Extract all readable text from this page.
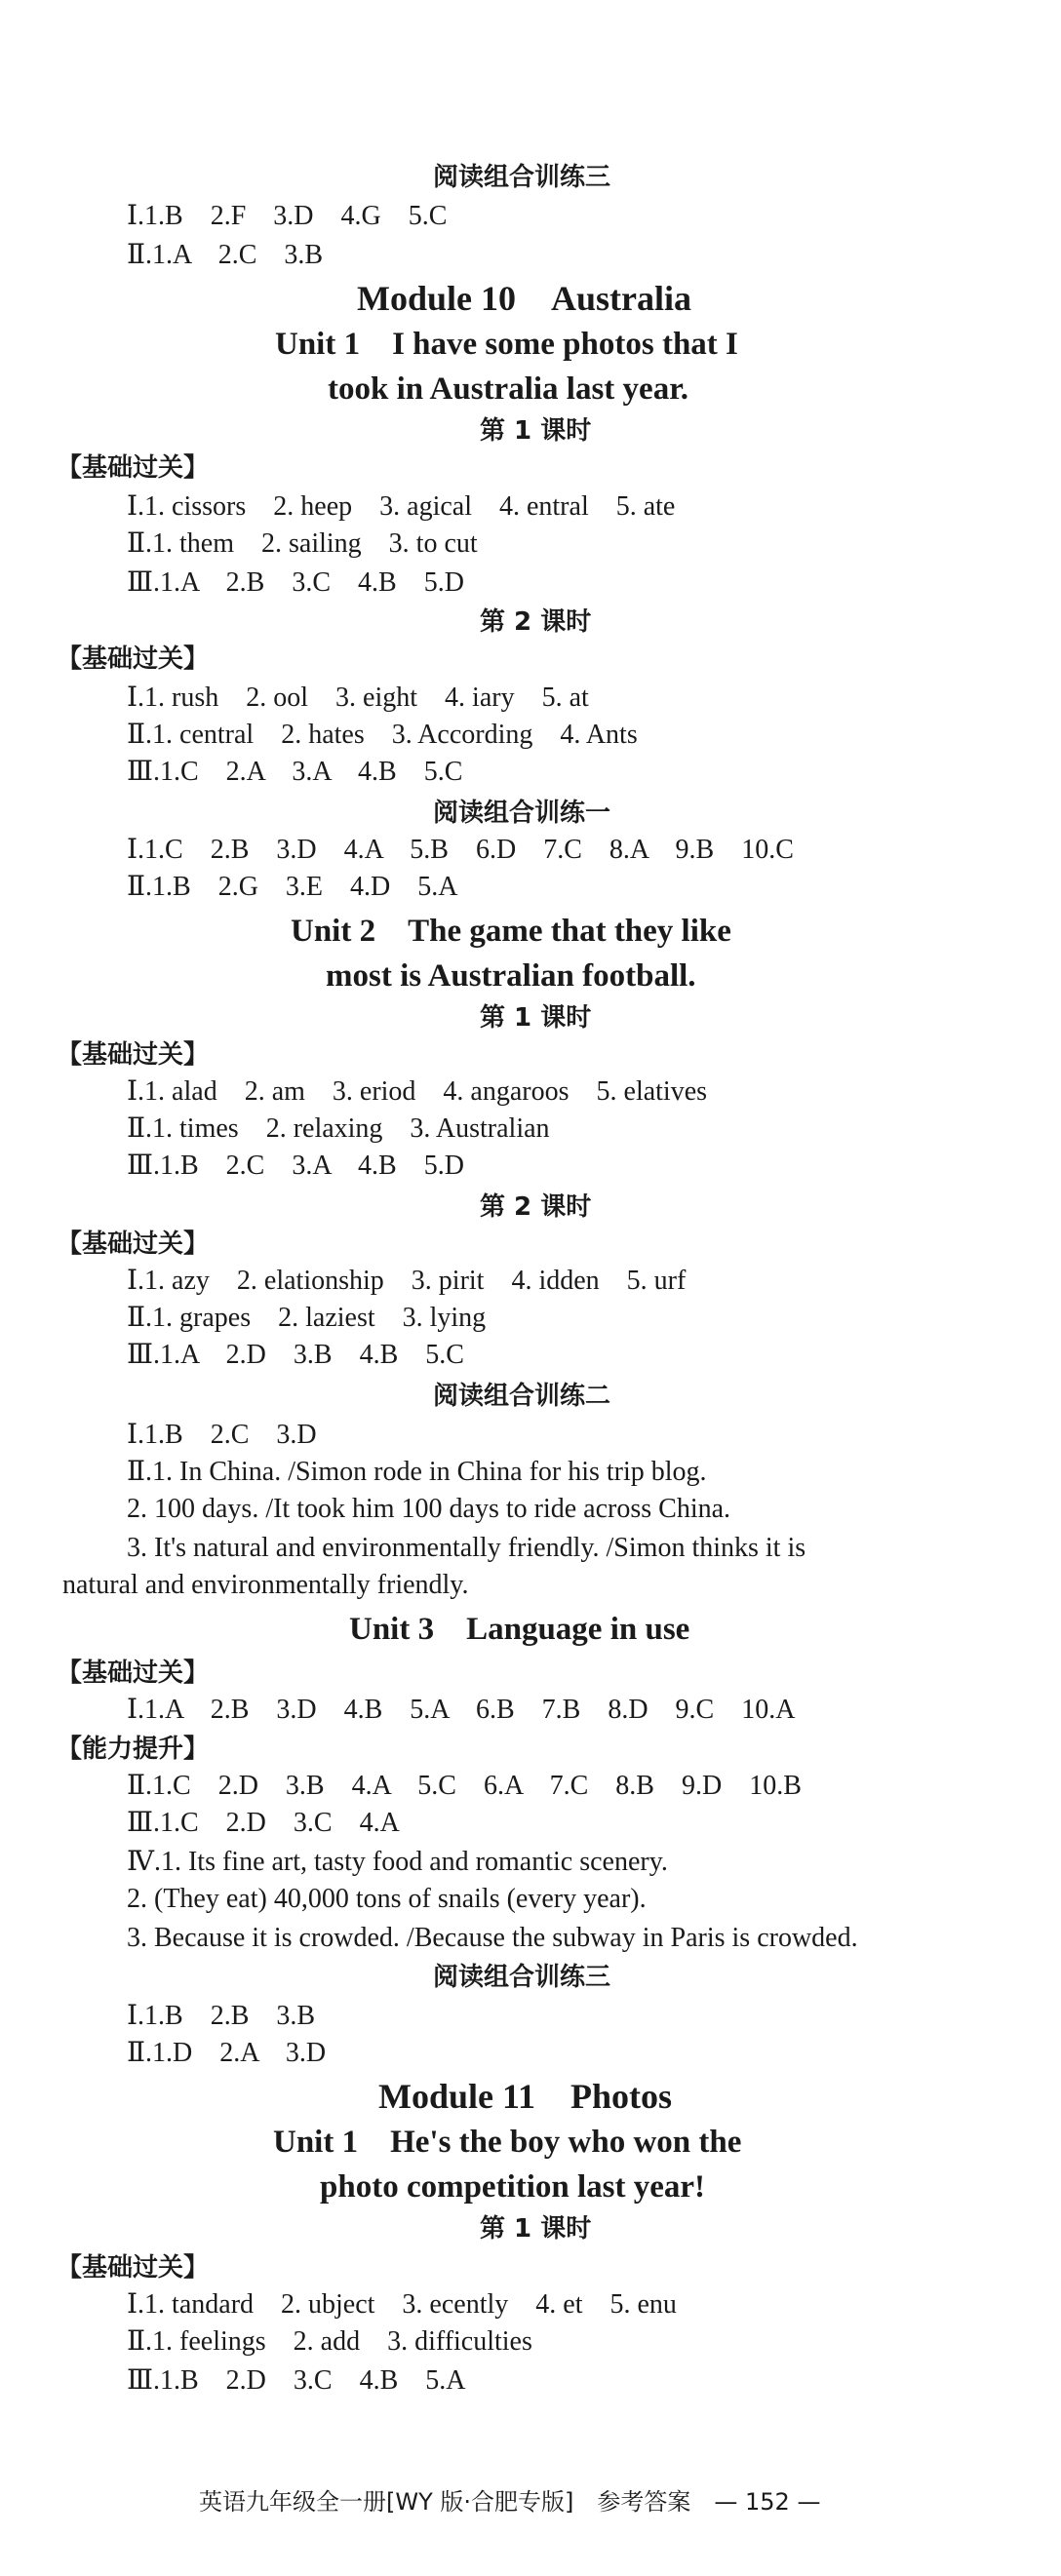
阅读组合训练三
Ⅰ.1.B　2.F　3.D　4.G　5.C
Ⅱ.1.A　2.C　3.B
Module 10　Australia
Unit 1　I have some photos that I
took in Australia last year.
第 1 课时
【基础过关】
Ⅰ.1. cissors　2. heep　3. agical　4. entral　5. ate
Ⅱ.1. them　2. sailing　3. to cut
Ⅲ.1.A　2.B　3.C　4.B　5.D
第 2 课时
【基础过关】
Ⅰ.1. rush　2. ool　3. eight　4. iary　5. at
Ⅱ.1. central　2. hates　3. According　4. Ants
Ⅲ.1.C　2.A　3.A　4.B　5.C
阅读组合训练一
Ⅰ.1.C　2.B　3.D　4.A　5.B　6.D　7.C　8.A　9.B　10.C
Ⅱ.1.B　2.G　3.E　4.D　5.A
Unit 2　The game that they like
most is Australian football.
第 1 课时
【基础过关】
Ⅰ.1. alad　2. am　3. eriod　4. angaroos　5. elatives
Ⅱ.1. times　2. relaxing　3. Australian
Ⅲ.1.B　2.C　3.A　4.B　5.D
第 2 课时
【基础过关】
Ⅰ.1. azy　2. elationship　3. pirit　4. idden　5. urf
Ⅱ.1. grapes　2. laziest　3. lying
Ⅲ.1.A　2.D　3.B　4.B　5.C
阅读组合训练二
Ⅰ.1.B　2.C　3.D
Ⅱ.1. In China. /Simon rode in China for his trip blog.
2. 100 days. /It took him 100 days to ride across China.
3. It's natural and environmentally friendly. /Simon thinks it is
natural and environmentally friendly.
Unit 3　Language in use
【基础过关】
Ⅰ.1.A　2.B　3.D　4.B　5.A　6.B　7.B　8.D　9.C　10.A
【能力提升】
Ⅱ.1.C　2.D　3.B　4.A　5.C　6.A　7.C　8.B　9.D　10.B
Ⅲ.1.C　2.D　3.C　4.A
Ⅳ.1. Its fine art, tasty food and romantic scenery.
2. (They eat) 40,000 tons of snails (every year).
3. Because it is crowded. /Because the subway in Paris is crowded.
阅读组合训练三
Ⅰ.1.B　2.B　3.B
Ⅱ.1.D　2.A　3.D
Module 11　Photos
Unit 1　He's the boy who won the
photo competition last year!
第 1 课时
【基础过关】
Ⅰ.1. tandard　2. ubject　3. ecently　4. et　5. enu
Ⅱ.1. feelings　2. add　3. difficulties
Ⅲ.1.B　2.D　3.C　4.B　5.A
英语九年级全一册[WY 版·合肥专版]　参考答案　— 152 —
